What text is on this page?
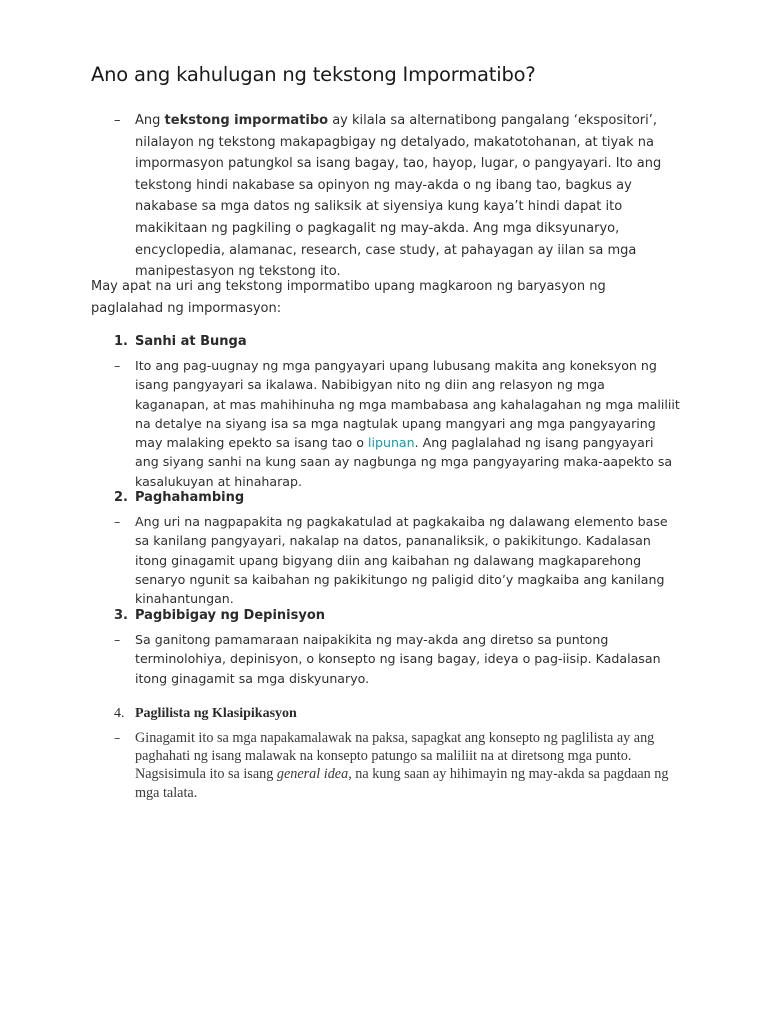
Ano ang kahulugan ng tekstong Impormatibo?

– Ang tekstong impormatibo ay kilala sa alternatibong pangalang ‘ekspositori’, nilalayon ng tekstong makapagbigay ng detalyado, makatotohanan, at tiyak na impormasyon patungkol sa isang bagay, tao, hayop, lugar, o pangyayari. Ito ang tekstong hindi nakabase sa opinyon ng may-akda o ng ibang tao, bagkus ay nakabase sa mga datos ng saliksik at siyensiya kung kaya’t hindi dapat ito makikitaan ng pagkiling o pagkagalit ng may-akda. Ang mga diksyunaryo, encyclopedia, alamanac, research, case study, at pahayagan ay iilan sa mga manipestasyon ng tekstong ito.

May apat na uri ang tekstong impormatibo upang magkaroon ng baryasyon ng paglalahad ng impormasyon:

1. Sanhi at Bunga

– Ito ang pag-uugnay ng mga pangyayari upang lubusang makita ang koneksyon ng isang pangyayari sa ikalawa. Nabibigyan nito ng diin ang relasyon ng mga kaganapan, at mas mahihinuha ng mga mambabasa ang kahalagahan ng mga maliliit na detalye na siyang isa sa mga nagtulak upang mangyari ang mga pangyayaring may malaking epekto sa isang tao o lipunan. Ang paglalahad ng isang pangyayari ang siyang sanhi na kung saan ay nagbunga ng mga pangyayaring maka-aapekto sa kasalukuyan at hinaharap.

2. Paghahambing

– Ang uri na nagpapakita ng pagkakatulad at pagkakaiba ng dalawang elemento base sa kanilang pangyayari, nakalap na datos, pananaliksik, o pakikitungo. Kadalasan itong ginagamit upang bigyang diin ang kaibahan ng dalawang magkaparehong senaryo ngunit sa kaibahan ng pakikitungo ng paligid dito’y magkaiba ang kanilang kinahantungan.

3. Pagbibigay ng Depinisyon

– Sa ganitong pamamaraan naipakikita ng may-akda ang diretso sa puntong terminolohiya, depinisyon, o konsepto ng isang bagay, ideya o pag-iisip. Kadalasan itong ginagamit sa mga diskyunaryo.

4. Paglilista ng Klasipikasyon

– Ginagamit ito sa mga napakamalawak na paksa, sapagkat ang konsepto ng paglilista ay ang paghahati ng isang malawak na konsepto patungo sa maliliit na at diretsong mga punto. Nagsisimula ito sa isang general idea, na kung saan ay hihimayin ng may-akda sa pagdaan ng mga talata.
